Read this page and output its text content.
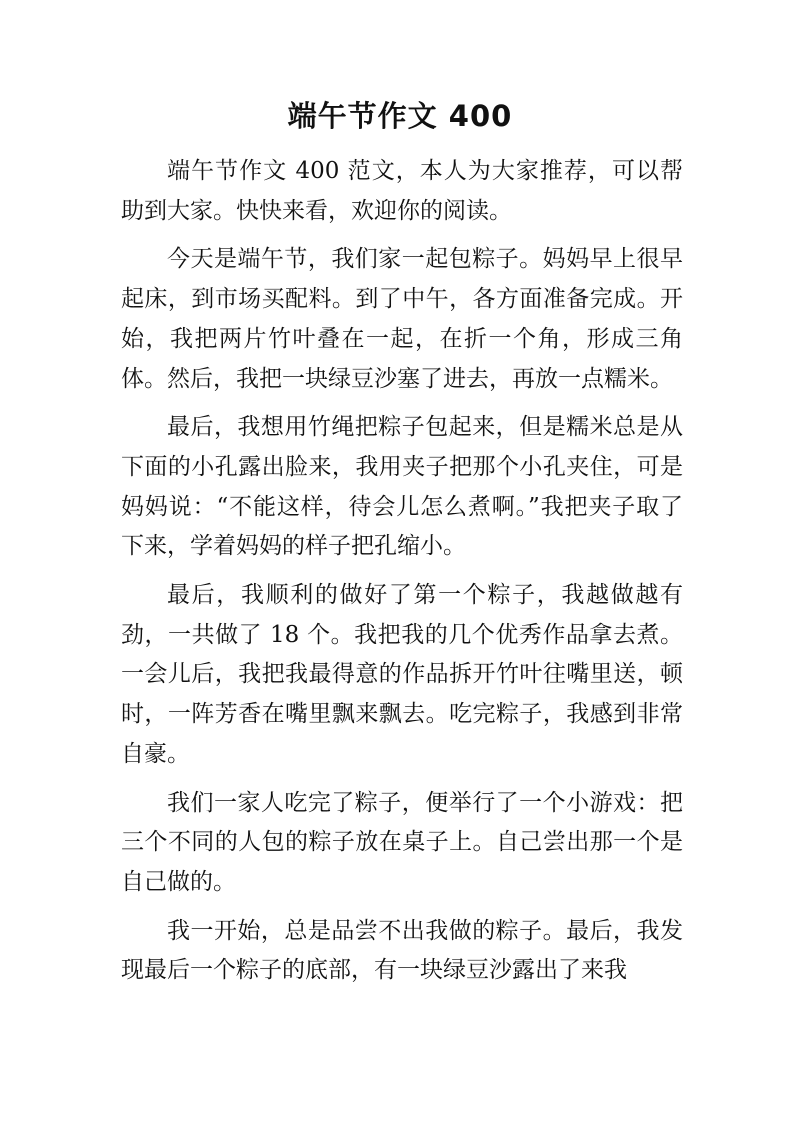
端午节作文 400

端午节作文 400 范文，本人为大家推荐，可以帮助到大家。快快来看，欢迎你的阅读。

今天是端午节，我们家一起包粽子。妈妈早上很早起床，到市场买配料。到了中午，各方面准备完成。开始，我把两片竹叶叠在一起，在折一个角，形成三角体。然后，我把一块绿豆沙塞了进去，再放一点糯米。

最后，我想用竹绳把粽子包起来，但是糯米总是从下面的小孔露出脸来，我用夹子把那个小孔夹住，可是妈妈说：“不能这样，待会儿怎么煮啊。”我把夹子取了下来，学着妈妈的样子把孔缩小。

最后，我顺利的做好了第一个粽子，我越做越有劲，一共做了 18 个。我把我的几个优秀作品拿去煮。一会儿后，我把我最得意的作品拆开竹叶往嘴里送，顿时，一阵芳香在嘴里飘来飘去。吃完粽子，我感到非常自豪。

我们一家人吃完了粽子，便举行了一个小游戏：把三个不同的人包的粽子放在桌子上。自己尝出那一个是自己做的。

我一开始，总是品尝不出我做的粽子。最后，我发现最后一个粽子的底部，有一块绿豆沙露出了来我
